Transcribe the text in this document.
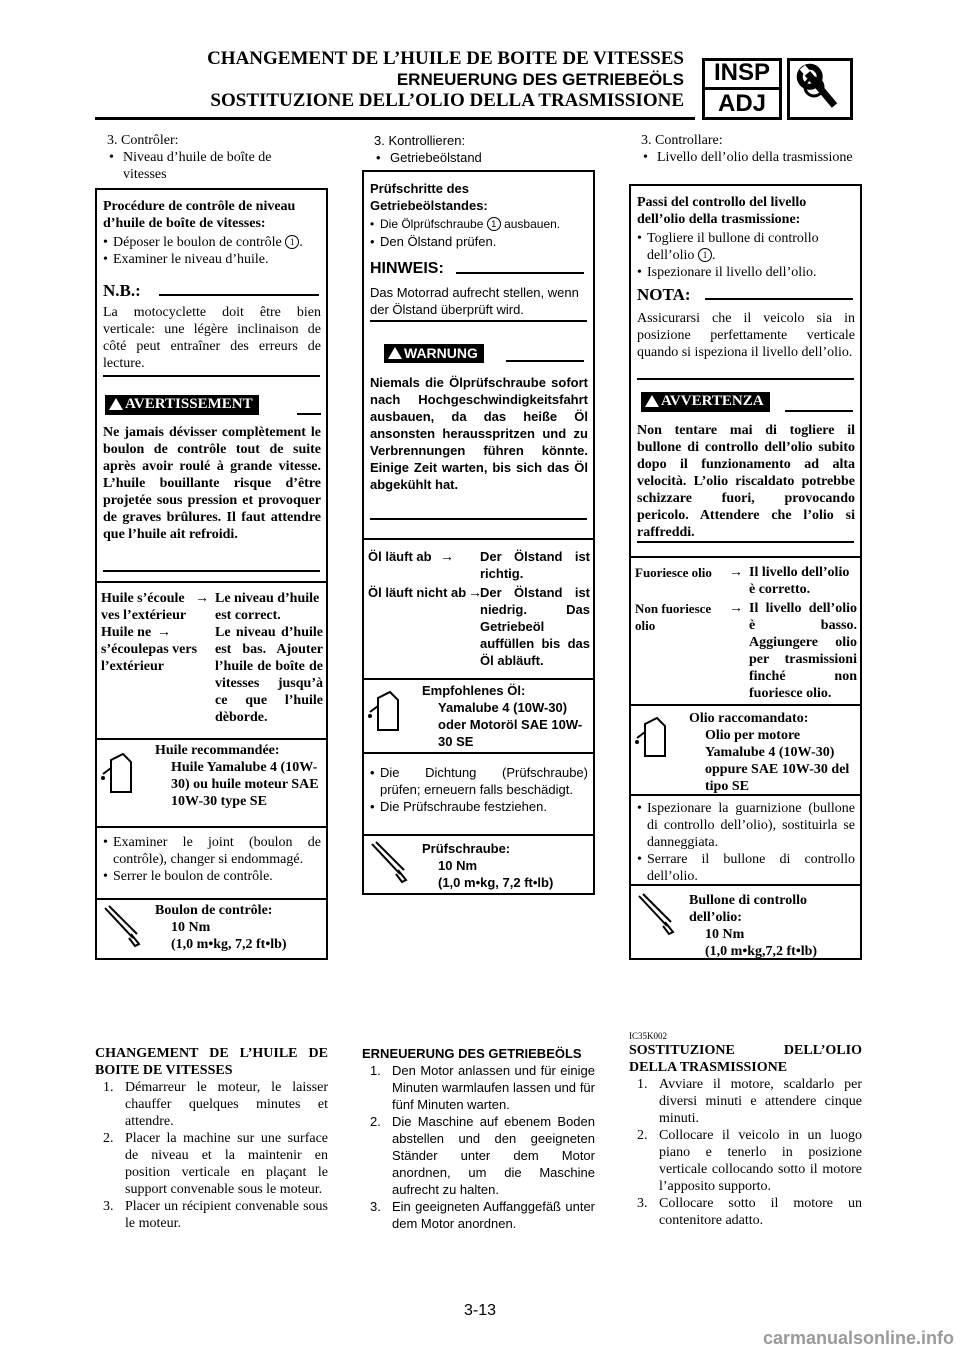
CHANGEMENT DE L’HUILE DE BOITE DE VITESSES
ERNEUERUNG DES GETRIEBEÖLS
SOSTITUZIONE DELL’OLIO DELLA TRASMISSIONE
INSP
ADJ
3. Contrôler:
• Niveau d’huile de boîte de
vitesses
Procédure de contrôle de niveau
d’huile de boîte de vitesses:
• Déposer le boulon de contrôle 1 .
• Examiner le niveau d’huile.
N.B.:
La motocyclette doit être bien verticale: une légère inclinaison de côté peut entraîner des erreurs de lecture.
AVERTISSEMENT
Ne jamais dévisser complètement le boulon de contrôle tout de suite après avoir roulé à grande vitesse. L’huile bouillante risque d’être projetée sous pression et provoquer de graves brûlures. Il faut attendre que l’huile ait refroidi.
Huile s’écoule ves l’extérieur
→ Le niveau d’huile est correct.
Huile ne s’écoulepas vers l’extérieur
→	Le niveau d’huile est bas. Ajouter l’huile de boîte de vitesses jusqu’à ce que l’huile dèborde.
Huile recommandée:
Huile Yamalube 4 (10W-30) ou huile moteur SAE 10W-30 type SE
• Examiner le joint (boulon de contrôle), changer si endommagé.
• Serrer le boulon de contrôle.
Boulon de contrôle:
10 Nm
(1,0 m•kg, 7,2 ft•lb)
3. Kontrollieren:
• Getriebeölstand
Prüfschritte des Getriebeölstandes:
• Die Ölprüfschraube 1 ausbauen.
• Den Ölstand prüfen.
HINWEIS:
Das Motorrad aufrecht stellen, wenn der Ölstand überprüft wird.
WARNUNG
Niemals die Ölprüfschraube sofort nach Hochgeschwindigkeitsfahrt ausbauen, da das heiße Öl ansonsten herausspritzen und zu Verbrennungen führen könnte. Einige Zeit warten, bis sich das Öl abgekühlt hat.
Öl läuft ab → Der Ölstand ist richtig.
Öl läuft nicht ab →
Der Ölstand ist niedrig. Das Getriebeöl auffüllen bis das Öl abläuft.
Empfohlenes Öl:
Yamalube 4 (10W-30) oder Motoröl SAE 10W-30 SE
• Die Dichtung (Prüfschraube) prüfen; erneuern falls beschädigt.
• Die Prüfschraube festziehen.
Prüfschraube:
10 Nm
(1,0 m•kg, 7,2 ft•lb)
3. Controllare:
• Livello dell’olio della trasmissione
Passi del controllo del livello dell’olio della trasmissione:
• Togliere il bullone di controllo dell’olio 1 .
• Ispezionare il livello dell’olio.
NOTA:
Assicurarsi che il veicolo sia in posizione perfettamente verticale quando si ispeziona il livello dell’olio.
AVVERTENZA
Non tentare mai di togliere il bullone di controllo dell’olio subito dopo il funzionamento ad alta velocità. L’olio riscaldato potrebbe schizzare fuori, provocando pericolo. Attendere che l’olio si raffreddi.
Fuoriesce olio → Il livello dell’olio è corretto.
Non fuoriesce olio
→ Il livello dell’olio è basso. Aggiungere olio per trasmissioni finché non fuoriesce olio.
Olio raccomandato:
Olio per motore Yamalube 4 (10W-30) oppure SAE 10W-30 del tipo SE
• Ispezionare la guarnizione (bullone di controllo dell’olio), sostituirla se danneggiata.
• Serrare il bullone di controllo dell’olio.
Bullone di controllo dell’olio:
10 Nm
(1,0 m•kg,7,2 ft•lb)
CHANGEMENT DE L’HUILE DE BOITE DE VITESSES
1. Démarreur le moteur, le laisser chauffer quelques minutes et attendre.
2. Placer la machine sur une surface de niveau et la maintenir en position verticale en plaçant le support convenable sous le moteur.
3. Placer un récipient convenable sous le moteur.
ERNEUERUNG DES GETRIEBEÖLS
1. Den Motor anlassen und für einige Minuten warmlaufen lassen und für fünf Minuten warten.
2. Die Maschine auf ebenem Boden abstellen und den geeigneten Ständer unter dem Motor anordnen, um die Maschine aufrecht zu halten.
3. Ein geeigneten Auffanggefäß unter dem Motor anordnen.
IC35K002
SOSTITUZIONE DELL’OLIO DELLA TRASMISSIONE
1. Avviare il motore, scaldarlo per diversi minuti e attendere cinque minuti.
2. Collocare il veicolo in un luogo piano e tenerlo in posizione verticale collocando sotto il motore l’apposito supporto.
3. Collocare sotto il motore un contenitore adatto.
3-13
carmanualsonline.info
